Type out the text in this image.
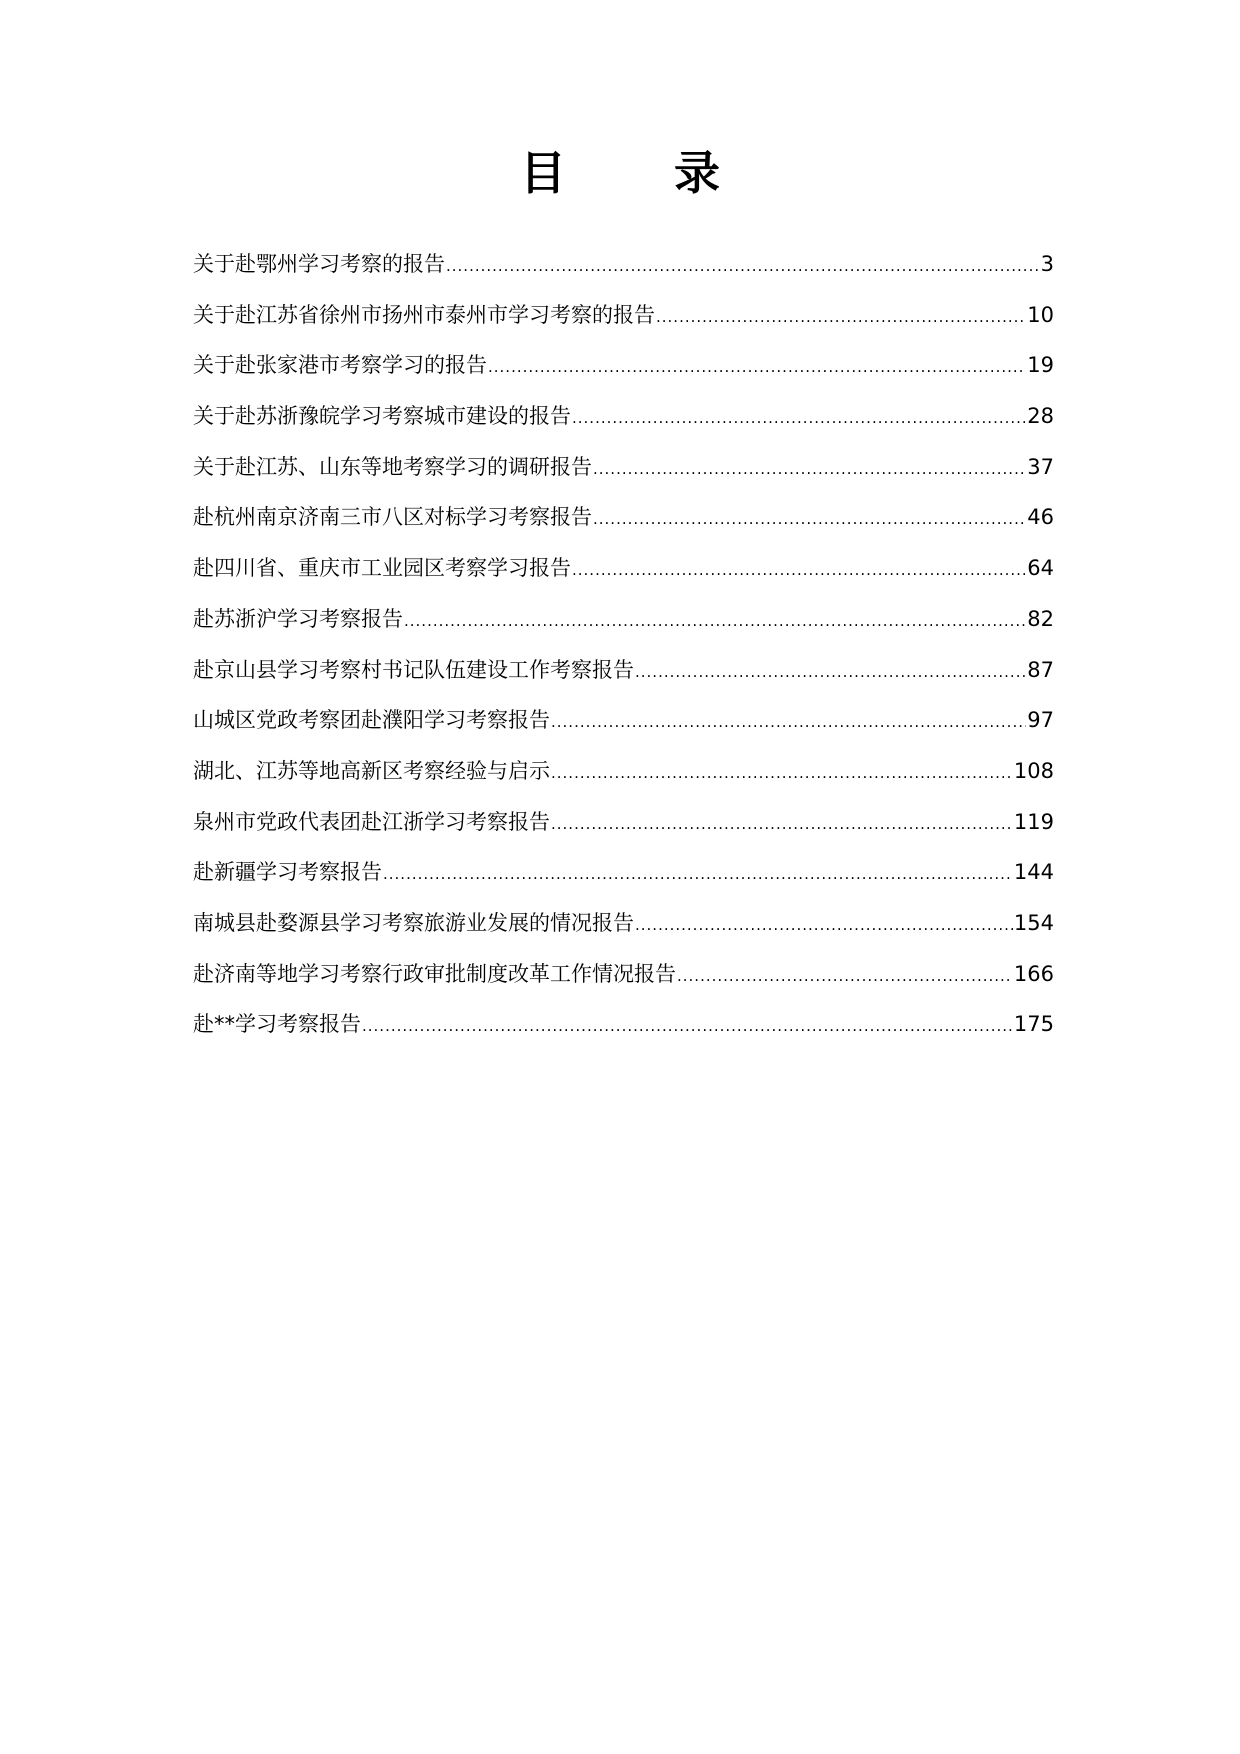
目 录
关于赴鄂州学习考察的报告 .....	3
关于赴江苏省徐州市扬州市泰州市学习考察的报告 .....	10
关于赴张家港市考察学习的报告 .....	19
关于赴苏浙豫皖学习考察城市建设的报告 .....	28
关于赴江苏、山东等地考察学习的调研报告 .....	37
赴杭州南京济南三市八区对标学习考察报告 .....	46
赴四川省、重庆市工业园区考察学习报告 .....	64
赴苏浙沪学习考察报告 .....	82
赴京山县学习考察村书记队伍建设工作考察报告 .....	87
山城区党政考察团赴濮阳学习考察报告 .....	97
湖北、江苏等地高新区考察经验与启示 .....	108
泉州市党政代表团赴江浙学习考察报告 .....	119
赴新疆学习考察报告 .....	144
南城县赴婺源县学习考察旅游业发展的情况报告 .....	154
赴济南等地学习考察行政审批制度改革工作情况报告 .....	166
赴**学习考察报告 .....	175
